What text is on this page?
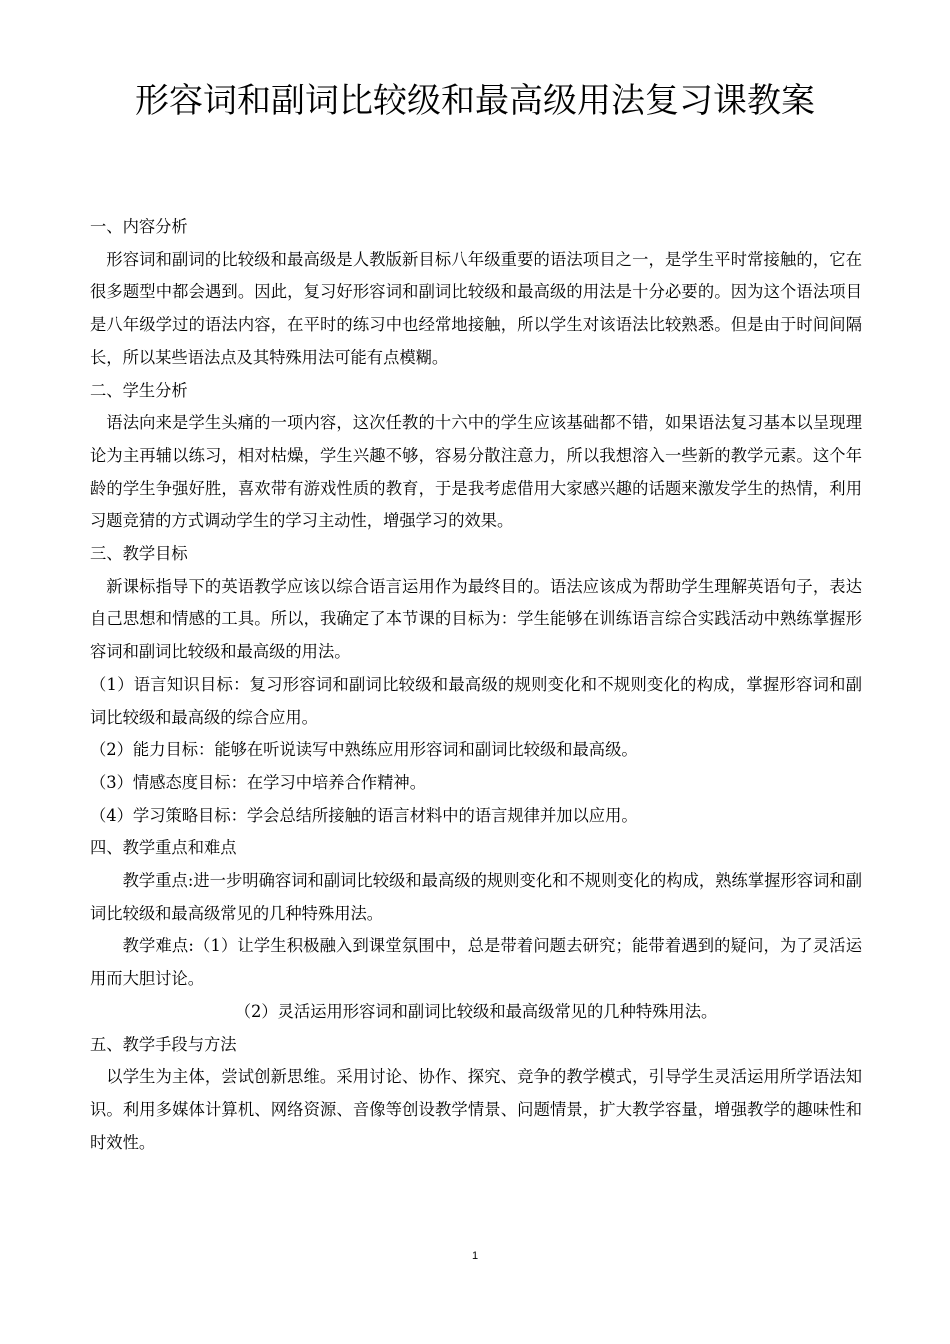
形容词和副词比较级和最高级用法复习课教案

一、内容分析

形容词和副词的比较级和最高级是人教版新目标八年级重要的语法项目之一，是学生平时常接触的，它在很多题型中都会遇到。因此，复习好形容词和副词比较级和最高级的用法是十分必要的。因为这个语法项目是八年级学过的语法内容，在平时的练习中也经常地接触，所以学生对该语法比较熟悉。但是由于时间间隔长，所以某些语法点及其特殊用法可能有点模糊。

二、学生分析

语法向来是学生头痛的一项内容，这次任教的十六中的学生应该基础都不错，如果语法复习基本以呈现理论为主再辅以练习，相对枯燥，学生兴趣不够，容易分散注意力，所以我想溶入一些新的教学元素。这个年龄的学生争强好胜，喜欢带有游戏性质的教育，于是我考虑借用大家感兴趣的话题来激发学生的热情，利用习题竞猜的方式调动学生的学习主动性，增强学习的效果。

三、教学目标

新课标指导下的英语教学应该以综合语言运用作为最终目的。语法应该成为帮助学生理解英语句子，表达自己思想和情感的工具。所以，我确定了本节课的目标为：学生能够在训练语言综合实践活动中熟练掌握形容词和副词比较级和最高级的用法。

（1）语言知识目标：复习形容词和副词比较级和最高级的规则变化和不规则变化的构成，掌握形容词和副词比较级和最高级的综合应用。

（2）能力目标：能够在听说读写中熟练应用形容词和副词比较级和最高级。

（3）情感态度目标：在学习中培养合作精神。

（4）学习策略目标：学会总结所接触的语言材料中的语言规律并加以应用。

四、教学重点和难点

教学重点:进一步明确容词和副词比较级和最高级的规则变化和不规则变化的构成，熟练掌握形容词和副词比较级和最高级常见的几种特殊用法。

教学难点:（1）让学生积极融入到课堂氛围中，总是带着问题去研究；能带着遇到的疑问，为了灵活运用而大胆讨论。

（2）灵活运用形容词和副词比较级和最高级常见的几种特殊用法。

五、教学手段与方法

以学生为主体，尝试创新思维。采用讨论、协作、探究、竞争的教学模式，引导学生灵活运用所学语法知识。利用多媒体计算机、网络资源、音像等创设教学情景、问题情景，扩大教学容量，增强教学的趣味性和时效性。

1
